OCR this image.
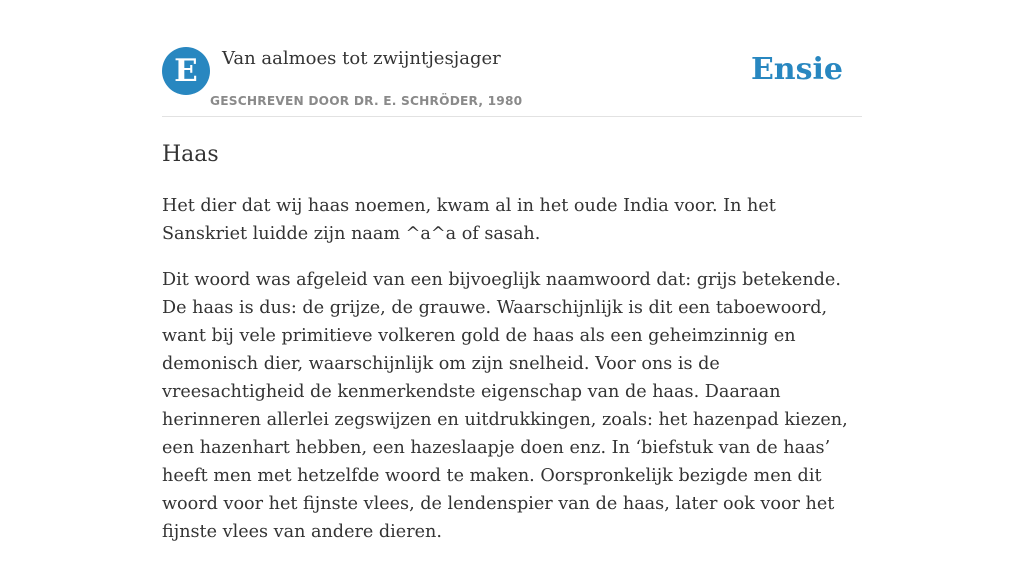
E	Van aalmoes tot zwijntjesjager
GESCHREVEN DOOR DR. E. SCHRÖDER, 1980
Ensie
Haas

Het dier dat wij haas noemen, kwam al in het oude India voor. In het Sanskriet luidde zijn naam ^a^a of sasah.

Dit woord was afgeleid van een bijvoeglijk naamwoord dat: grijs betekende. De haas is dus: de grijze, de grauwe. Waarschijnlijk is dit een taboewoord, want bij vele primitieve volkeren gold de haas als een geheimzinnig en demonisch dier, waarschijnlijk om zijn snelheid. Voor ons is de vreesachtigheid de kenmerkendste eigenschap van de haas. Daaraan herinneren allerlei zegswijzen en uitdrukkingen, zoals: het hazenpad kiezen, een hazenhart hebben, een hazeslaapje doen enz. In ‘biefstuk van de haas’ heeft men met hetzelfde woord te maken. Oorspronkelijk bezigde men dit woord voor het fijnste vlees, de lendenspier van de haas, later ook voor het fijnste vlees van andere dieren.
